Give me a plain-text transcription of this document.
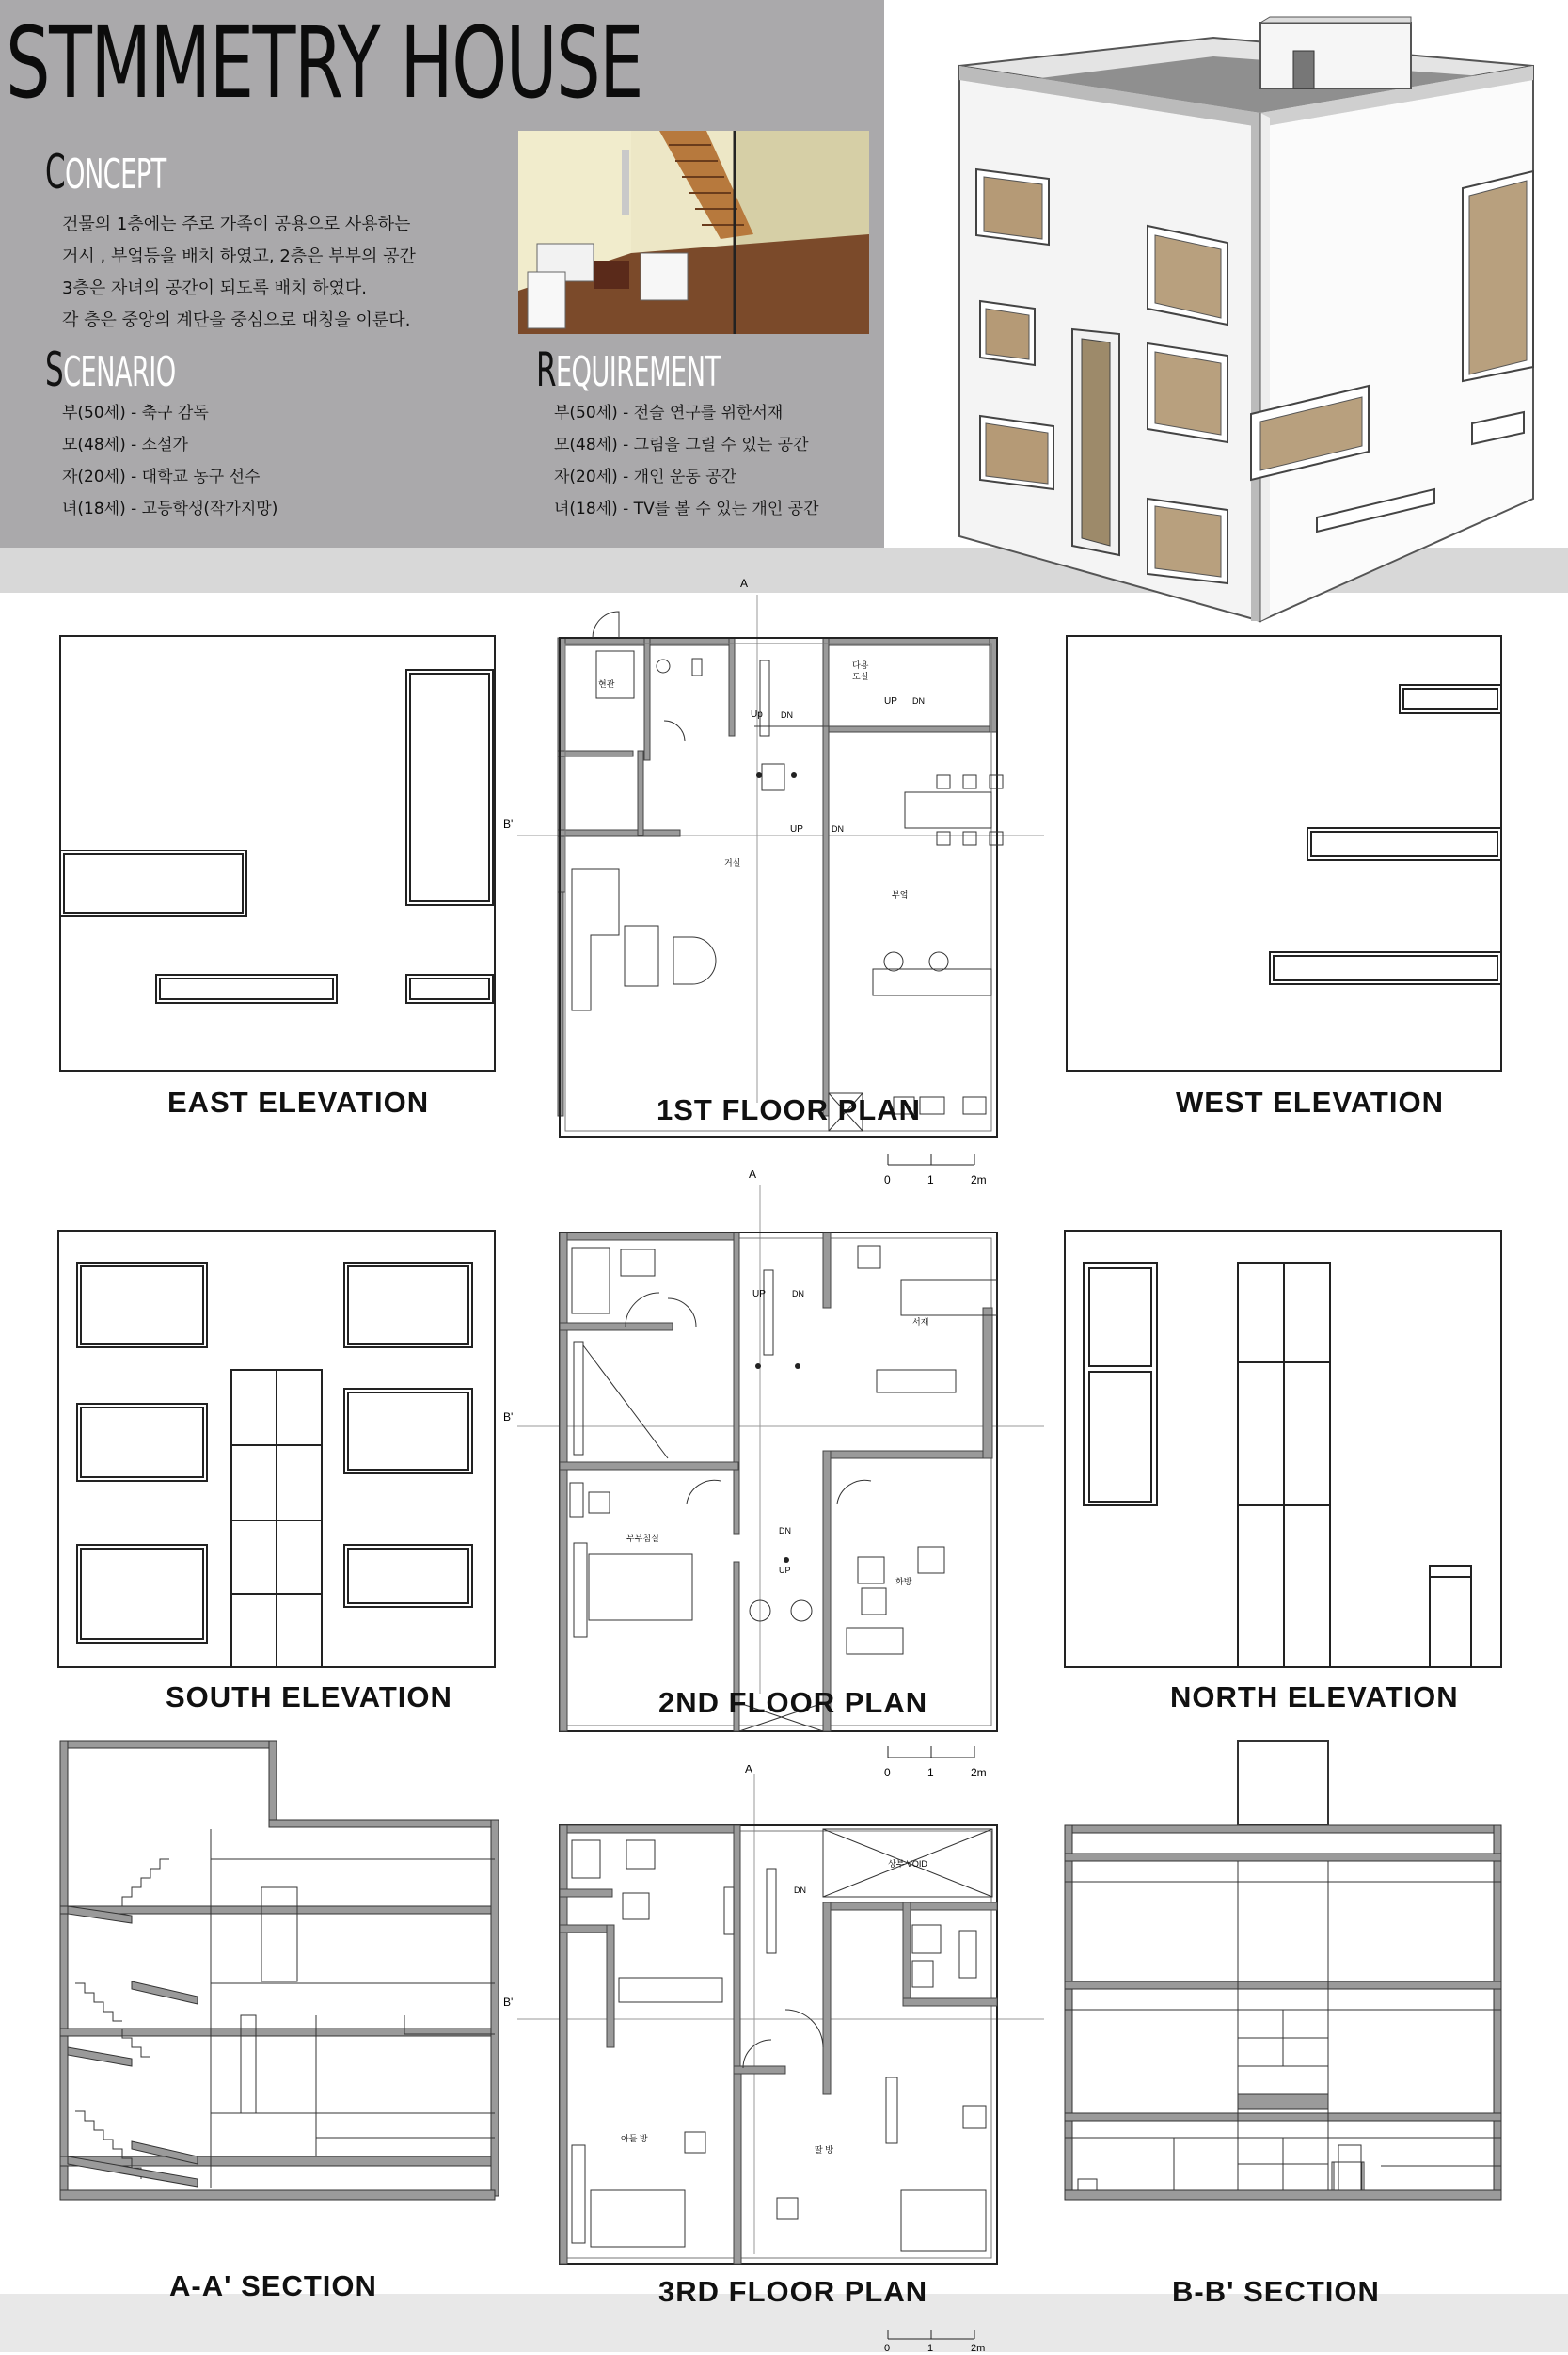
STMMETRY HOUSE
CONCEPT
건물의 1층에는 주로 가족이 공용으로 사용하는
거시 , 부엌등을 배치 하였고, 2층은 부부의 공간
3층은 자녀의 공간이 되도록 배치 하였다.
각 층은 중앙의 계단을 중심으로 대칭을 이룬다.
SCENARIO
부(50세) - 축구 감독
모(48세) - 소설가
자(20세) - 대학교 농구 선수
녀(18세) - 고등학생(작가지망)
REQUIREMENT
부(50세) - 전술 연구를 위한서재
모(48세) - 그림을 그릴 수 있는 공간
자(20세) - 개인 운동 공간
녀(18세) - TV를 볼 수 있는 개인 공간
EAST ELEVATION
A
B'
Up DN
UP	DN
UP DN
현관
다용 도실
거실
부엌
1ST FLOOR PLAN
0	1	2m
WEST ELEVATION
SOUTH ELEVATION
A
B'
UP	DN
DN
UP
서재
부부침실
화방
2ND FLOOR PLAN
0	1	2m
NORTH ELEVATION
A-A' SECTION
A
B'
DN
상부 VOID
아들 방
딸 방
3RD FLOOR PLAN
0	1	2m
B-B' SECTION
